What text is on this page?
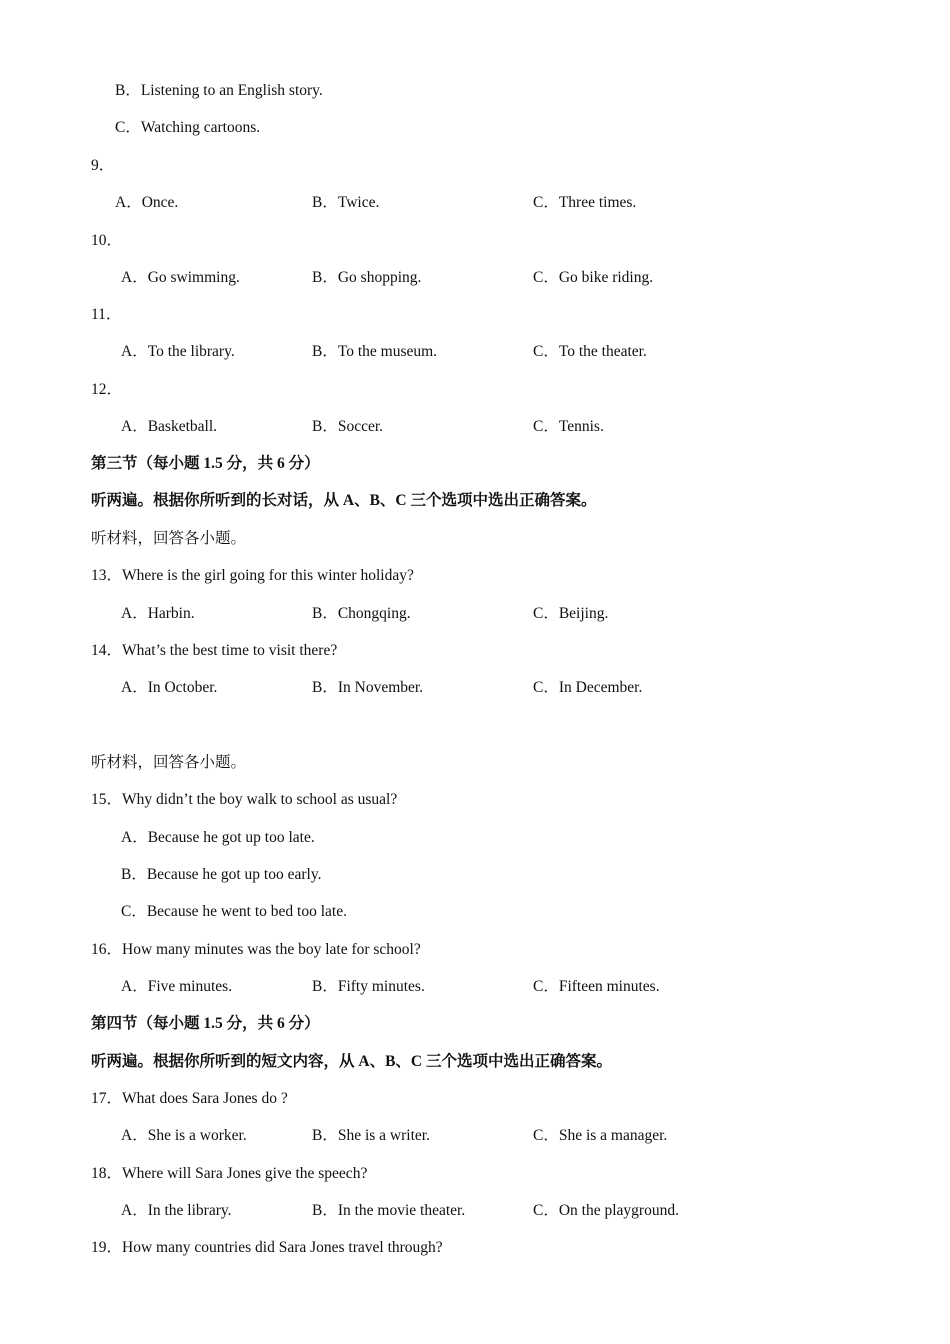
B．Listening to an English story.
C．Watching cartoons.
9．
A．Once.	B．Twice.	C．Three times.
10．
A．Go swimming.	B．Go shopping.	C．Go bike riding.
11．
A．To the library.	B．To the museum.	C．To the theater.
12．
A．Basketball.	B．Soccer.	C．Tennis.
第三节（每小题 1.5 分，共 6 分）
听两遍。根据你所听到的长对话，从 A、B、C 三个选项中选出正确答案。
听材料，回答各小题。
13．Where is the girl going for this winter holiday?
A．Harbin.	B．Chongqing.	C．Beijing.
14．What’s the best time to visit there?
A．In October.	B．In November.	C．In December.
听材料，回答各小题。
15．Why didn’t the boy walk to school as usual?
A．Because he got up too late.
B．Because he got up too early.
C．Because he went to bed too late.
16．How many minutes was the boy late for school?
A．Five minutes.	B．Fifty minutes.	C．Fifteen minutes.
第四节（每小题 1.5 分，共 6 分）
听两遍。根据你所听到的短文内容，从 A、B、C 三个选项中选出正确答案。
17．What does Sara Jones do ?
A．She is a worker.	B．She is a writer.	C．She is a manager.
18．Where will Sara Jones give the speech?
A．In the library.	B．In the movie theater.	C．On the playground.
19．How many countries did Sara Jones travel through?
